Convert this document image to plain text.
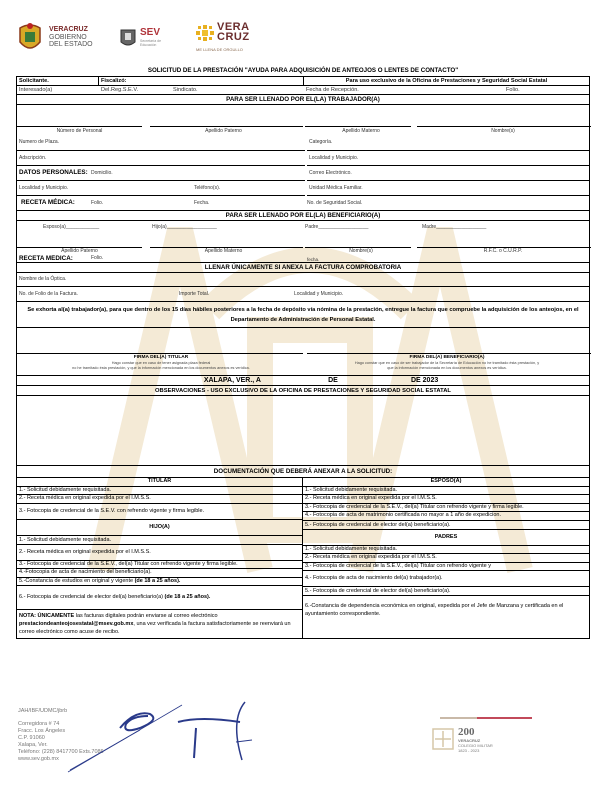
VERACRUZ
GOBIERNO
DEL ESTADO
SEV
Secretaría de Educación
VERA
CRUZ
ME LLENA DE ORGULLO
SOLICITUD DE LA PRESTACIÓN "AYUDA PARA ADQUISICIÓN DE ANTEOJOS O LENTES DE CONTACTO"
Solicitante.	Fiscalizó:	Para uso exclusivo de la Oficina de Prestaciones y Seguridad Social Estatal
Interesado(a)	Del.Reg.S.E.V.	Sindicato.	Fecha de Recepción.	Folio.
PARA SER LLENADO POR EL(LA) TRABAJADOR(A)
Número de Personal	Apellido Paterno	Apellido Materno	Nombre(s)
Numero de Plaza.	Categoría.
Adscripción.	Localidad y Municipio.
DATOS PERSONALES: Domicilio.	Correo Electrónico.
Localidad y Municipio.	Teléfono(s).	Unidad Médica Familiar.
RECETA MÉDICA:	Folio.	Fecha.	No. de Seguridad Social.
PARA SER LLENADO POR EL(LA) BENEFICIARIO(A)
Esposo(a)____________	Hijo(a)__________________	Padre__________________	Madre__________________
Apellido Paterno	Apellido Materno	Nombre(s)	R.F.C. o C.U.R.P.
RECETA MÉDICA:	Folio.	fecha.
LLENAR ÚNICAMENTE SI ANEXA LA FACTURA COMPROBATORIA
Nombre de la Óptica.
No. de Folio de la Factura.	Importe Total.	Localidad y Municipio.
Se exhorta al(a) trabajador(a), para que dentro de los 15 días hábiles posteriores a la fecha de depósito vía nómina de la prestación, entregue la factura que compruebe la adquisición de los anteojos, en el Departamento de Administración de Personal Estatal.
FIRMA DEL(A) TITULAR
Hago constar que en caso de tener asignada plaza federal
no he tramitado ésta prestación, y que la información mencionada en los documentos anexos es verídica.
FIRMA DEL(A) BENEFICIARIO(A)
Hago constar que en caso de ser trabajador de la Secretaría de Educación no he tramitado ésta prestación, y
que la información mencionada en los documentos anexos es verídica.
XALAPA, VER., A	DE	DE 2023
OBSERVACIONES - USO EXCLUSIVO DE LA OFICINA DE PRESTACIONES Y SEGURIDAD SOCIAL ESTATAL
DOCUMENTACIÓN QUE DEBERÁ ANEXAR A LA SOLICITUD:
TITULAR
1.- Solicitud debidamente requisitada.
2.- Receta médica en original expedida por el I.M.S.S.
3.- Fotocopia de credencial de la S.E.V. con refrendo vigente y firma legible.
HIJO(A)
1.- Solicitud debidamente requisitada.
2.- Receta médica en original expedida por el I.M.S.S.
3.- Fotocopia de credencial de la S.E.V., del(a) Titular con refrendo vigente y firma legible.
4.-Fotocopia de acta de nacimiento del beneficiario(a).
5.-Constancia de estudios en original y vigente (de 18 a 25 años).
6.- Fotocopia de credencial de elector del(a) beneficiario(a) (de 18 a 25 años).
NOTA: ÚNICAMENTE las facturas digitales podrán enviarse al correo electrónico
prestaciondeanteojosestatal@msev.gob.mx, una vez verificada la factura satisfactoriamente se reenviará un correo electrónico como acuse de recibo.
ESPOSO(A)
1.- Solicitud debidamente requisitada.
2.- Receta médica en original expedida por el I.M.S.S.
3.- Fotocopia de credencial de la S.E.V., del(a) Titular con refrendo vigente y firma legible.
4.- Fotocopia de acta de matrimonio certificada no mayor a 1 año de expedicion.
5.- Fotocopia de credencial de elector del(a) beneficiario(a).
PADRES
1.- Solicitud debidamente requisitada.
2.- Receta médica en original expedida por el I.M.S.S.
3.- Fotocopia de credencial de la S.E.V., del(a) Titular con refrendo vigente y
4.- Fotocopia de acta de nacimiento del(a) trabajador(a).
5.- Fotocopia de credencial de elector del(a) beneficiario(a).
6.-Constancia de dependencia económica en original, expedida por el Jefe de Manzana y certificada en el ayuntamiento correspondiente.
JAH/IBF/UDMC/jbrb
Corregidora # 74
Fracc. Los Ángeles
C.P. 91060
Xalapa, Ver.
Teléfono: (228) 8417700 Exts.7086
www.sev.gob.mx
200
VERACRUZ
COLEGIO MILITAR
1823 - 2023
